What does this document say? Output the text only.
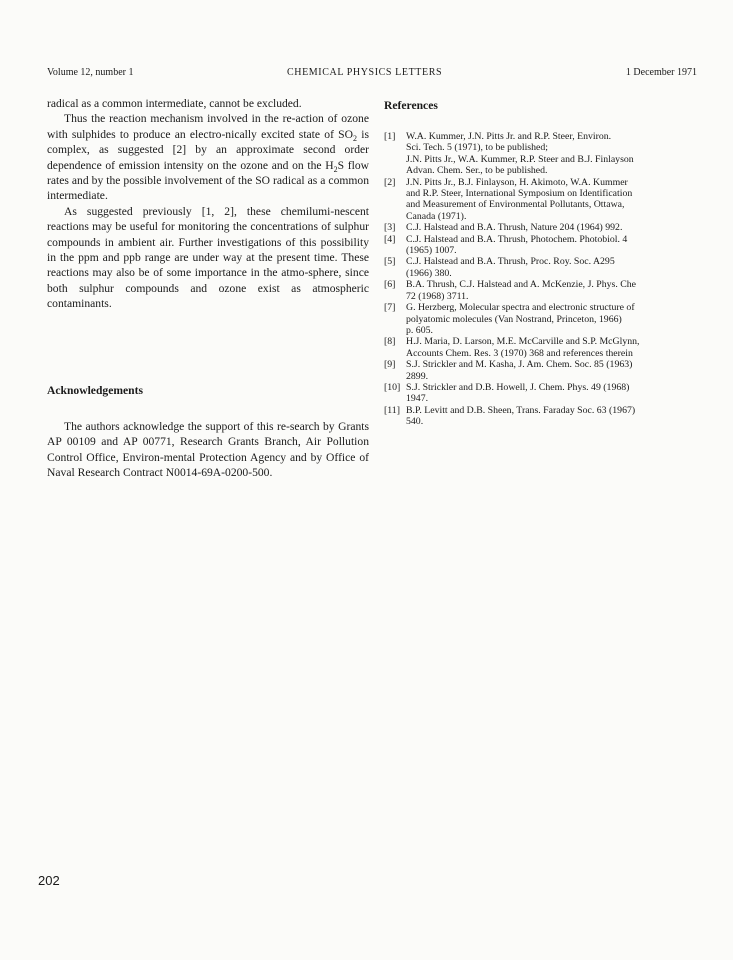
Volume 12, number 1	CHEMICAL PHYSICS LETTERS	1 December 1971

radical as a common intermediate, cannot be excluded.

Thus the reaction mechanism involved in the re-action of ozone with sulphides to produce an electro-nically excited state of $SO_2$ is complex, as suggested [2] by an approximate second order dependence of emission intensity on the ozone and on the $H_2S$ flow rates and by the possible involvement of the SO radical as a common intermediate.

As suggested previously [1, 2], these chemilumi-nescent reactions may be useful for monitoring the concentrations of sulphur compounds in ambient air. Further investigations of this possibility in the ppm and ppb range are under way at the present time. These reactions may also be of some importance in the atmo-sphere, since both sulphur compounds and ozone exist as atmospheric contaminants.

Acknowledgements

The authors acknowledge the support of this re-search by Grants AP 00109 and AP 00771, Research Grants Branch, Air Pollution Control Office, Environ-mental Protection Agency and by Office of Naval Research Contract N0014-69A-0200-500.

References
[1] W.A. Kummer, J.N. Pitts Jr. and R.P. Steer, Environ.
Sci. Tech. 5 (1971), to be published;
J.N. Pitts Jr., W.A. Kummer, R.P. Steer and B.J. Finlayson
Advan. Chem. Ser., to be published.
[2] J.N. Pitts Jr., B.J. Finlayson, H. Akimoto, W.A. Kummer
and R.P. Steer, International Symposium on Identification
and Measurement of Environmental Pollutants, Ottawa,
Canada (1971).
[3] C.J. Halstead and B.A. Thrush, Nature 204 (1964) 992.
[4] C.J. Halstead and B.A. Thrush, Photochem. Photobiol. 4
(1965) 1007.
[5] C.J. Halstead and B.A. Thrush, Proc. Roy. Soc. A295
(1966) 380.
[6] B.A. Thrush, C.J. Halstead and A. McKenzie, J. Phys. Che
72 (1968) 3711.
[7] G. Herzberg, Molecular spectra and electronic structure of
polyatomic molecules (Van Nostrand, Princeton, 1966)
p. 605.
[8] H.J. Maria, D. Larson, M.E. McCarville and S.P. McGlynn,
Accounts Chem. Res. 3 (1970) 368 and references therein
[9] S.J. Strickler and M. Kasha, J. Am. Chem. Soc. 85 (1963)
2899.
[10] S.J. Strickler and D.B. Howell, J. Chem. Phys. 49 (1968)
1947.
[11] B.P. Levitt and D.B. Sheen, Trans. Faraday Soc. 63 (1967)
540.
202
